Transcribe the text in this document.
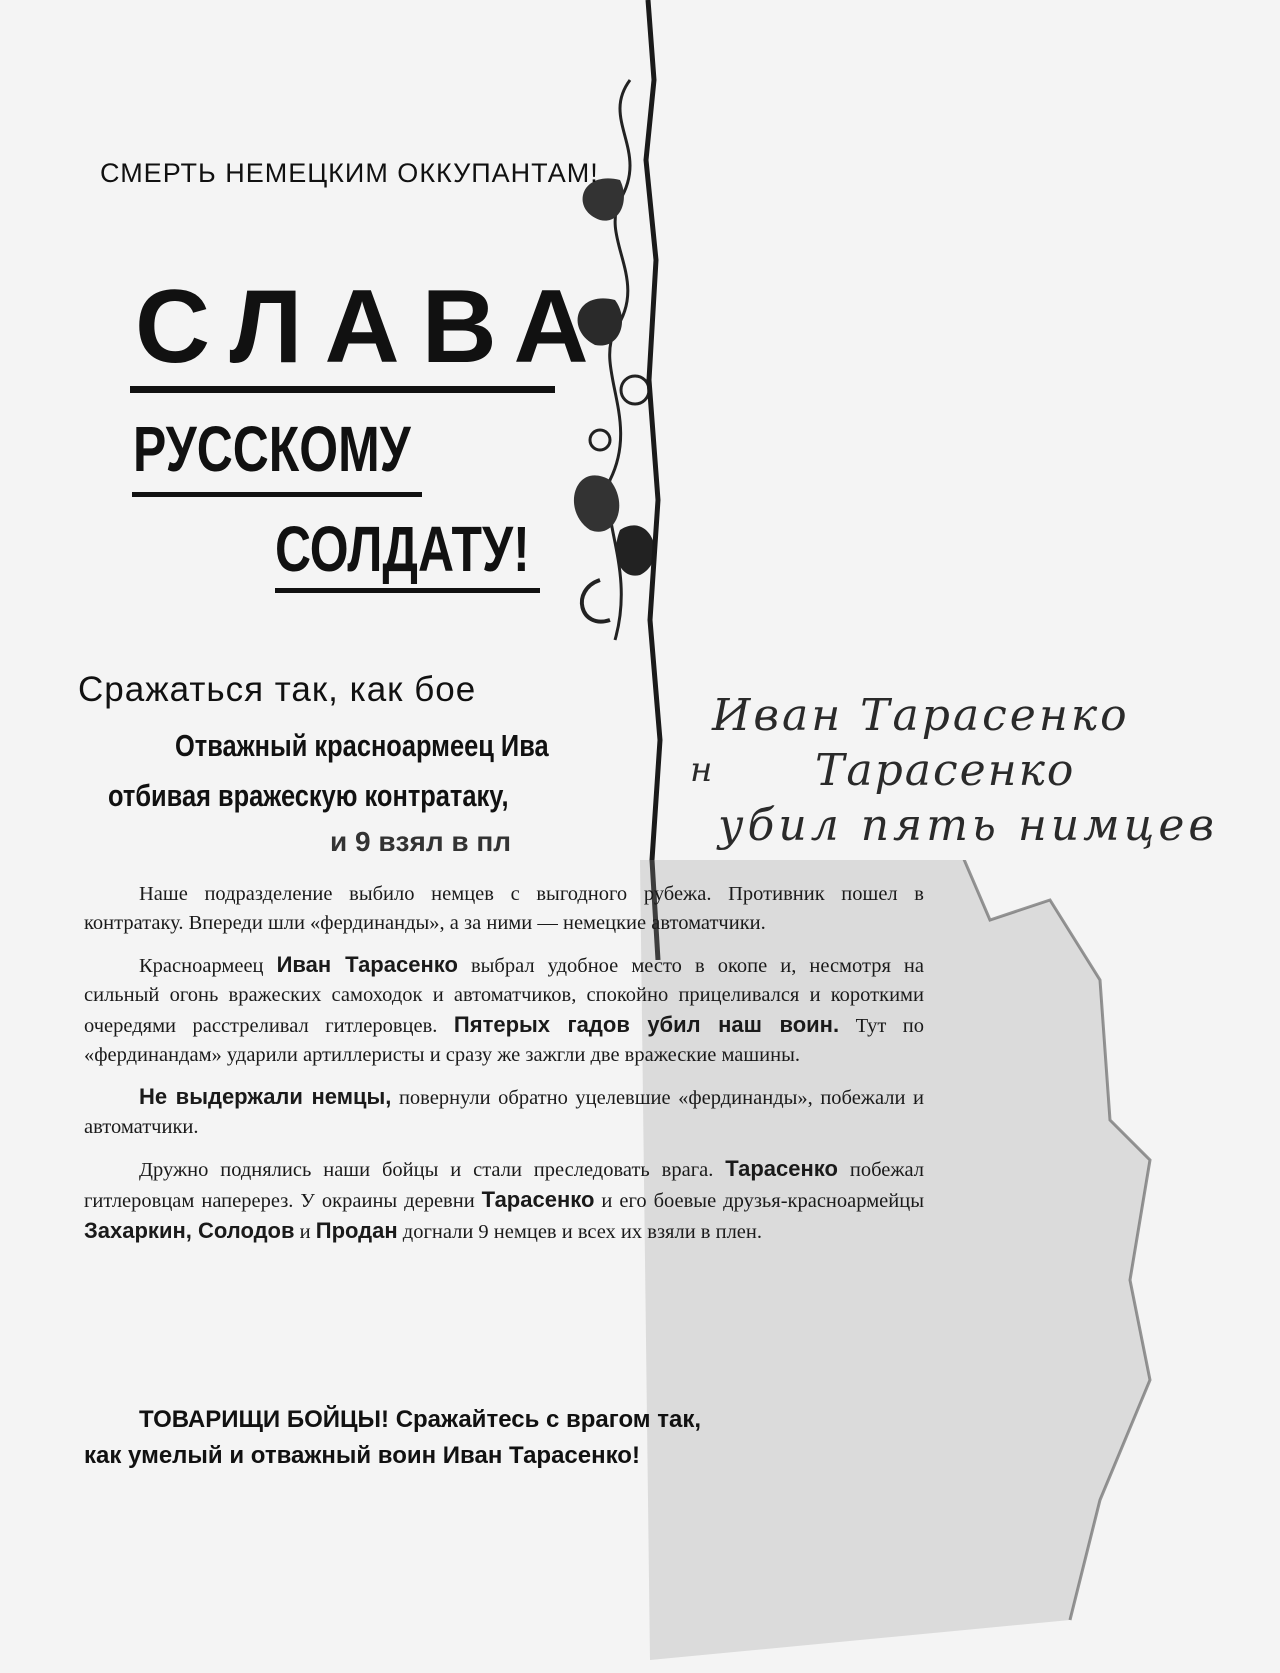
СМЕРТЬ НЕМЕЦКИМ ОККУПАНТАМ!
СЛАВА
РУССКОМУ
СОЛДАТУ!
Сражаться так, как бое
Отважный красноармеец Ива
отбивая вражескую контратаку,
и 9 взял в пл

Наше подразделение выбило немцев с выгодного рубежа. Противник пошел в контратаку. Впереди шли «фердинанды», а за ними — немецкие автоматчики.

Красноармеец Иван Тарасенко выбрал удобное место в окопе и, несмотря на сильный огонь вражеских самоходок и автоматчиков, спокойно прицеливался и короткими очередями расстреливал гитлеровцев. Пятерых гадов убил наш воин. Тут по «фердинандам» ударили артиллеристы и сразу же зажгли две вражеские машины.

Не выдержали немцы, повернули обратно уцелевшие «фердинанды», побежали и автоматчики.

Дружно поднялись наши бойцы и стали преследовать врага. Тарасенко побежал гитлеровцам наперерез. У окраины деревни Тарасенко и его боевые друзья-красноармейцы Захаркин, Солодов и Продан догнали 9 немцев и всех их взяли в плен.

ТОВАРИЩИ БОЙЦЫ! Сражайтесь с врагом так,
как умелый и отважный воин Иван Тарасенко!
Иван Тарасенко
н Тарасенко
убил пять нимцев
